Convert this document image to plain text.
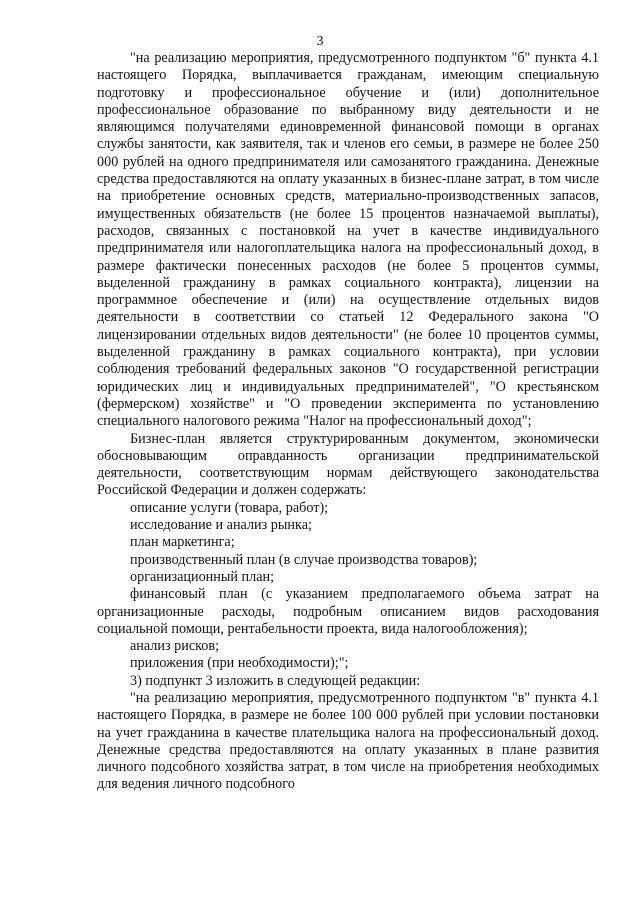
3

"на реализацию мероприятия, предусмотренного подпунктом "б" пункта 4.1 настоящего Порядка, выплачивается гражданам, имеющим специальную подготовку и профессиональное обучение и (или) дополнительное профессиональное образование по выбранному виду деятельности и не являющимся получателями единовременной финансовой помощи в органах службы занятости, как заявителя, так и членов его семьи, в размере не более 250 000 рублей на одного предпринимателя или самозанятого гражданина. Денежные средства предоставляются на оплату указанных в бизнес-плане затрат, в том числе на приобретение основных средств, материально-производственных запасов, имущественных обязательств (не более 15 процентов назначаемой выплаты), расходов, связанных с постановкой на учет в качестве индивидуального предпринимателя или налогоплательщика налога на профессиональный доход, в размере фактически понесенных расходов (не более 5 процентов суммы, выделенной гражданину в рамках социального контракта), лицензии на программное обеспечение и (или) на осуществление отдельных видов деятельности в соответствии со статьей 12 Федерального закона "О лицензировании отдельных видов деятельности" (не более 10 процентов суммы, выделенной гражданину в рамках социального контракта), при условии соблюдения требований федеральных законов "О государственной регистрации юридических лиц и индивидуальных предпринимателей", "О крестьянском (фермерском) хозяйстве" и "О проведении эксперимента по установлению специального налогового режима "Налог на профессиональный доход";

Бизнес-план является структурированным документом, экономически обосновывающим оправданность организации предпринимательской деятельности, соответствующим нормам действующего законодательства Российской Федерации и должен содержать:

описание услуги (товара, работ);

исследование и анализ рынка;

план маркетинга;

производственный план (в случае производства товаров);

организационный план;

финансовый план (с указанием предполагаемого объема затрат на организационные расходы, подробным описанием видов расходования социальной помощи, рентабельности проекта, вида налогообложения);

анализ рисков;

приложения (при необходимости);";

3) подпункт 3 изложить в следующей редакции:

"на реализацию мероприятия, предусмотренного подпунктом "в" пункта 4.1 настоящего Порядка, в размере не более 100 000 рублей при условии постановки на учет гражданина в качестве плательщика налога на профессиональный доход. Денежные средства предоставляются на оплату указанных в плане развития личного подсобного хозяйства затрат, в том числе на приобретения необходимых для ведения личного подсобного
